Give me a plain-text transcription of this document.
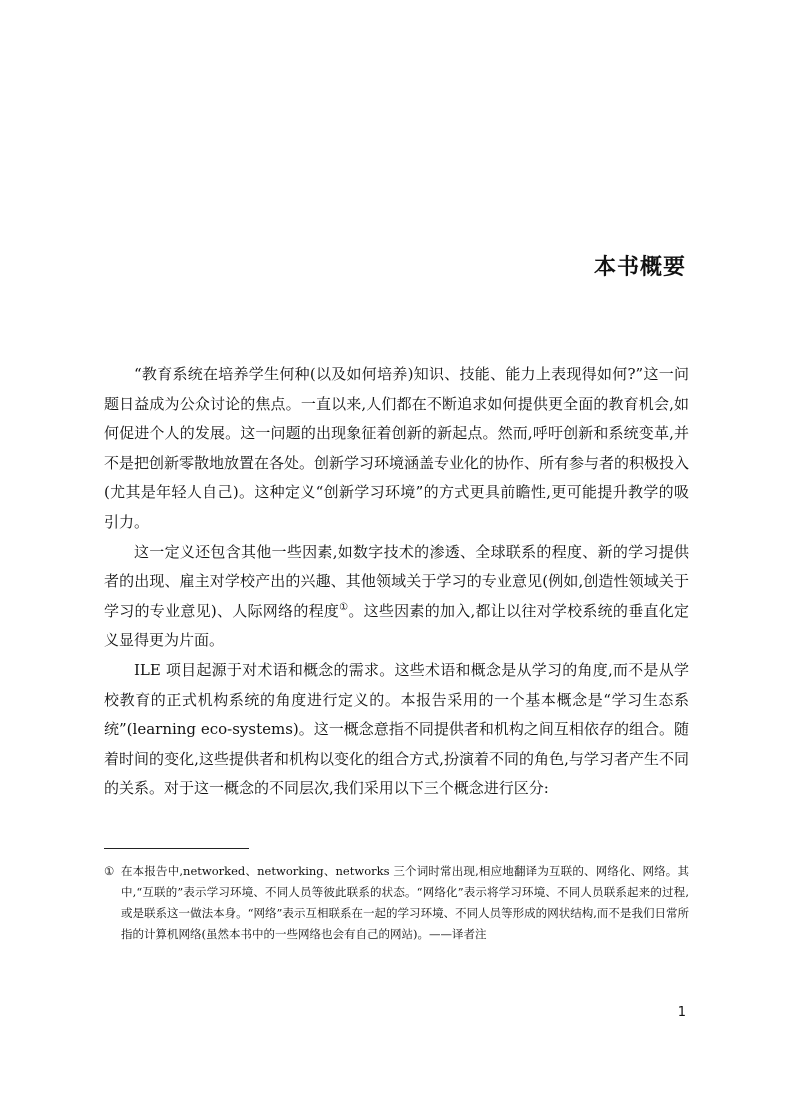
本书概要

“教育系统在培养学生何种(以及如何培养)知识、技能、能力上表现得如何?”这一问题日益成为公众讨论的焦点。一直以来,人们都在不断追求如何提供更全面的教育机会,如何促进个人的发展。这一问题的出现象征着创新的新起点。然而,呼吁创新和系统变革,并不是把创新零散地放置在各处。创新学习环境涵盖专业化的协作、所有参与者的积极投入(尤其是年轻人自己)。这种定义“创新学习环境”的方式更具前瞻性,更可能提升教学的吸引力。

这一定义还包含其他一些因素,如数字技术的渗透、全球联系的程度、新的学习提供者的出现、雇主对学校产出的兴趣、其他领域关于学习的专业意见(例如,创造性领域关于学习的专业意见)、人际网络的程度①。这些因素的加入,都让以往对学校系统的垂直化定义显得更为片面。

ILE 项目起源于对术语和概念的需求。这些术语和概念是从学习的角度,而不是从学校教育的正式机构系统的角度进行定义的。本报告采用的一个基本概念是“学习生态系统”(learning eco-systems)。这一概念意指不同提供者和机构之间互相依存的组合。随着时间的变化,这些提供者和机构以变化的组合方式,扮演着不同的角色,与学习者产生不同的关系。对于这一概念的不同层次,我们采用以下三个概念进行区分:

① 在本报告中,networked、networking、networks 三个词时常出现,相应地翻译为互联的、网络化、网络。其中,“互联的”表示学习环境、不同人员等彼此联系的状态。“网络化”表示将学习环境、不同人员联系起来的过程,或是联系这一做法本身。“网络”表示互相联系在一起的学习环境、不同人员等形成的网状结构,而不是我们日常所指的计算机网络(虽然本书中的一些网络也会有自己的网站)。——译者注

1
